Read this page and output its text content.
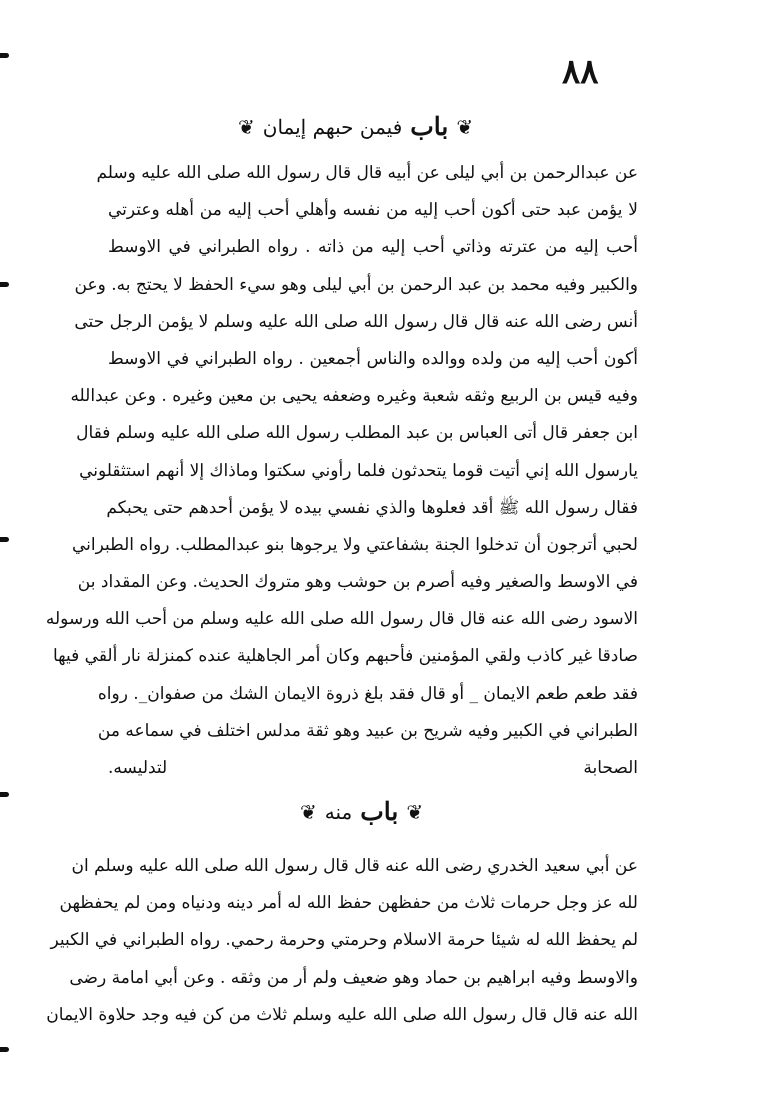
٨٨
❦
باب
فيمن حبهم إيمان
❦
عن عبدالرحمن بن أبي ليلى عن أبيه قال قال رسول الله صلى الله عليه وسلم
لا يؤمن عبد حتى أكون أحب إليه من نفسه وأهلي أحب إليه من أهله وعترتي
أحب إليه من عترته وذاتي أحب إليه من ذاته . رواه الطبراني في الاوسط
والكبير وفيه محمد بن عبد الرحمن بن أبي ليلى وهو سيء الحفظ لا يحتج به. وعن
أنس رضى الله عنه قال قال رسول الله صلى الله عليه وسلم لا يؤمن الرجل حتى
أكون أحب إليه من ولده ووالده والناس أجمعين . رواه الطبراني في الاوسط
وفيه قيس بن الربيع وثقه شعبة وغيره وضعفه يحيى بن معين وغيره . وعن عبدالله
ابن جعفر قال أتى العباس بن عبد المطلب رسول الله صلى الله عليه وسلم فقال
يارسول الله إني أتيت قوما يتحدثون فلما رأوني سكتوا وماذاك إلا أنهم استثقلوني
فقال رسول الله ﷺ أقد فعلوها والذي نفسي بيده لا يؤمن أحدهم حتى يحبكم
لحبي أترجون أن تدخلوا الجنة بشفاعتي ولا يرجوها بنو عبدالمطلب. رواه الطبراني
في الاوسط والصغير وفيه أصرم بن حوشب وهو متروك الحديث. وعن المقداد بن
الاسود رضى الله عنه قال قال رسول الله صلى الله عليه وسلم من أحب الله ورسوله
صادقا غير كاذب ولقي المؤمنين فأحبهم وكان أمر الجاهلية عنده كمنزلة نار ألقي فيها
فقد طعم طعم الايمان _ أو قال فقد بلغ ذروة الايمان الشك من صفوان_. رواه
الطبراني في الكبير وفيه شريح بن عبيد وهو ثقة مدلس اختلف في سماعه من
الصحابة لتدليسه.
❦
باب
منه
❦
عن أبي سعيد الخدري رضى الله عنه قال قال رسول الله صلى الله عليه وسلم ان
لله عز وجل حرمات ثلاث من حفظهن حفظ الله له أمر دينه ودنياه ومن لم يحفظهن
لم يحفظ الله له شيئا حرمة الاسلام وحرمتي وحرمة رحمي. رواه الطبراني في الكبير
والاوسط وفيه ابراهيم بن حماد وهو ضعيف ولم أر من وثقه . وعن أبي امامة رضى
الله عنه قال قال رسول الله صلى الله عليه وسلم ثلاث من كن فيه وجد حلاوة الايمان
